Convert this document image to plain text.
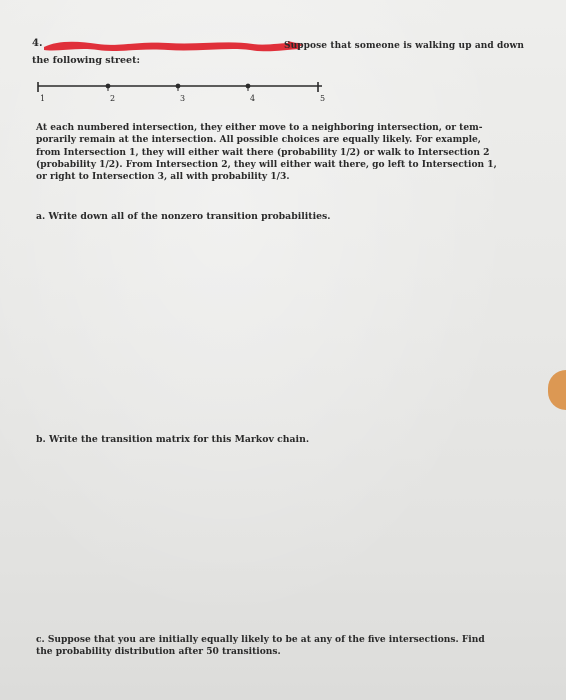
4.	Suppose that someone is walking up and down
the following street:
1	2	3	4	5
At each numbered intersection, they either move to a neighboring intersection, or tem-
porarily remain at the intersection. All possible choices are equally likely. For example,
from Intersection 1, they will either wait there (probability 1/2) or walk to Intersection 2
(probability 1/2). From Intersection 2, they will either wait there, go left to Intersection 1,
or right to Intersection 3, all with probability 1/3.
a. Write down all of the nonzero transition probabilities.
b. Write the transition matrix for this Markov chain.
c. Suppose that you are initially equally likely to be at any of the five intersections. Find
the probability distribution after 50 transitions.
